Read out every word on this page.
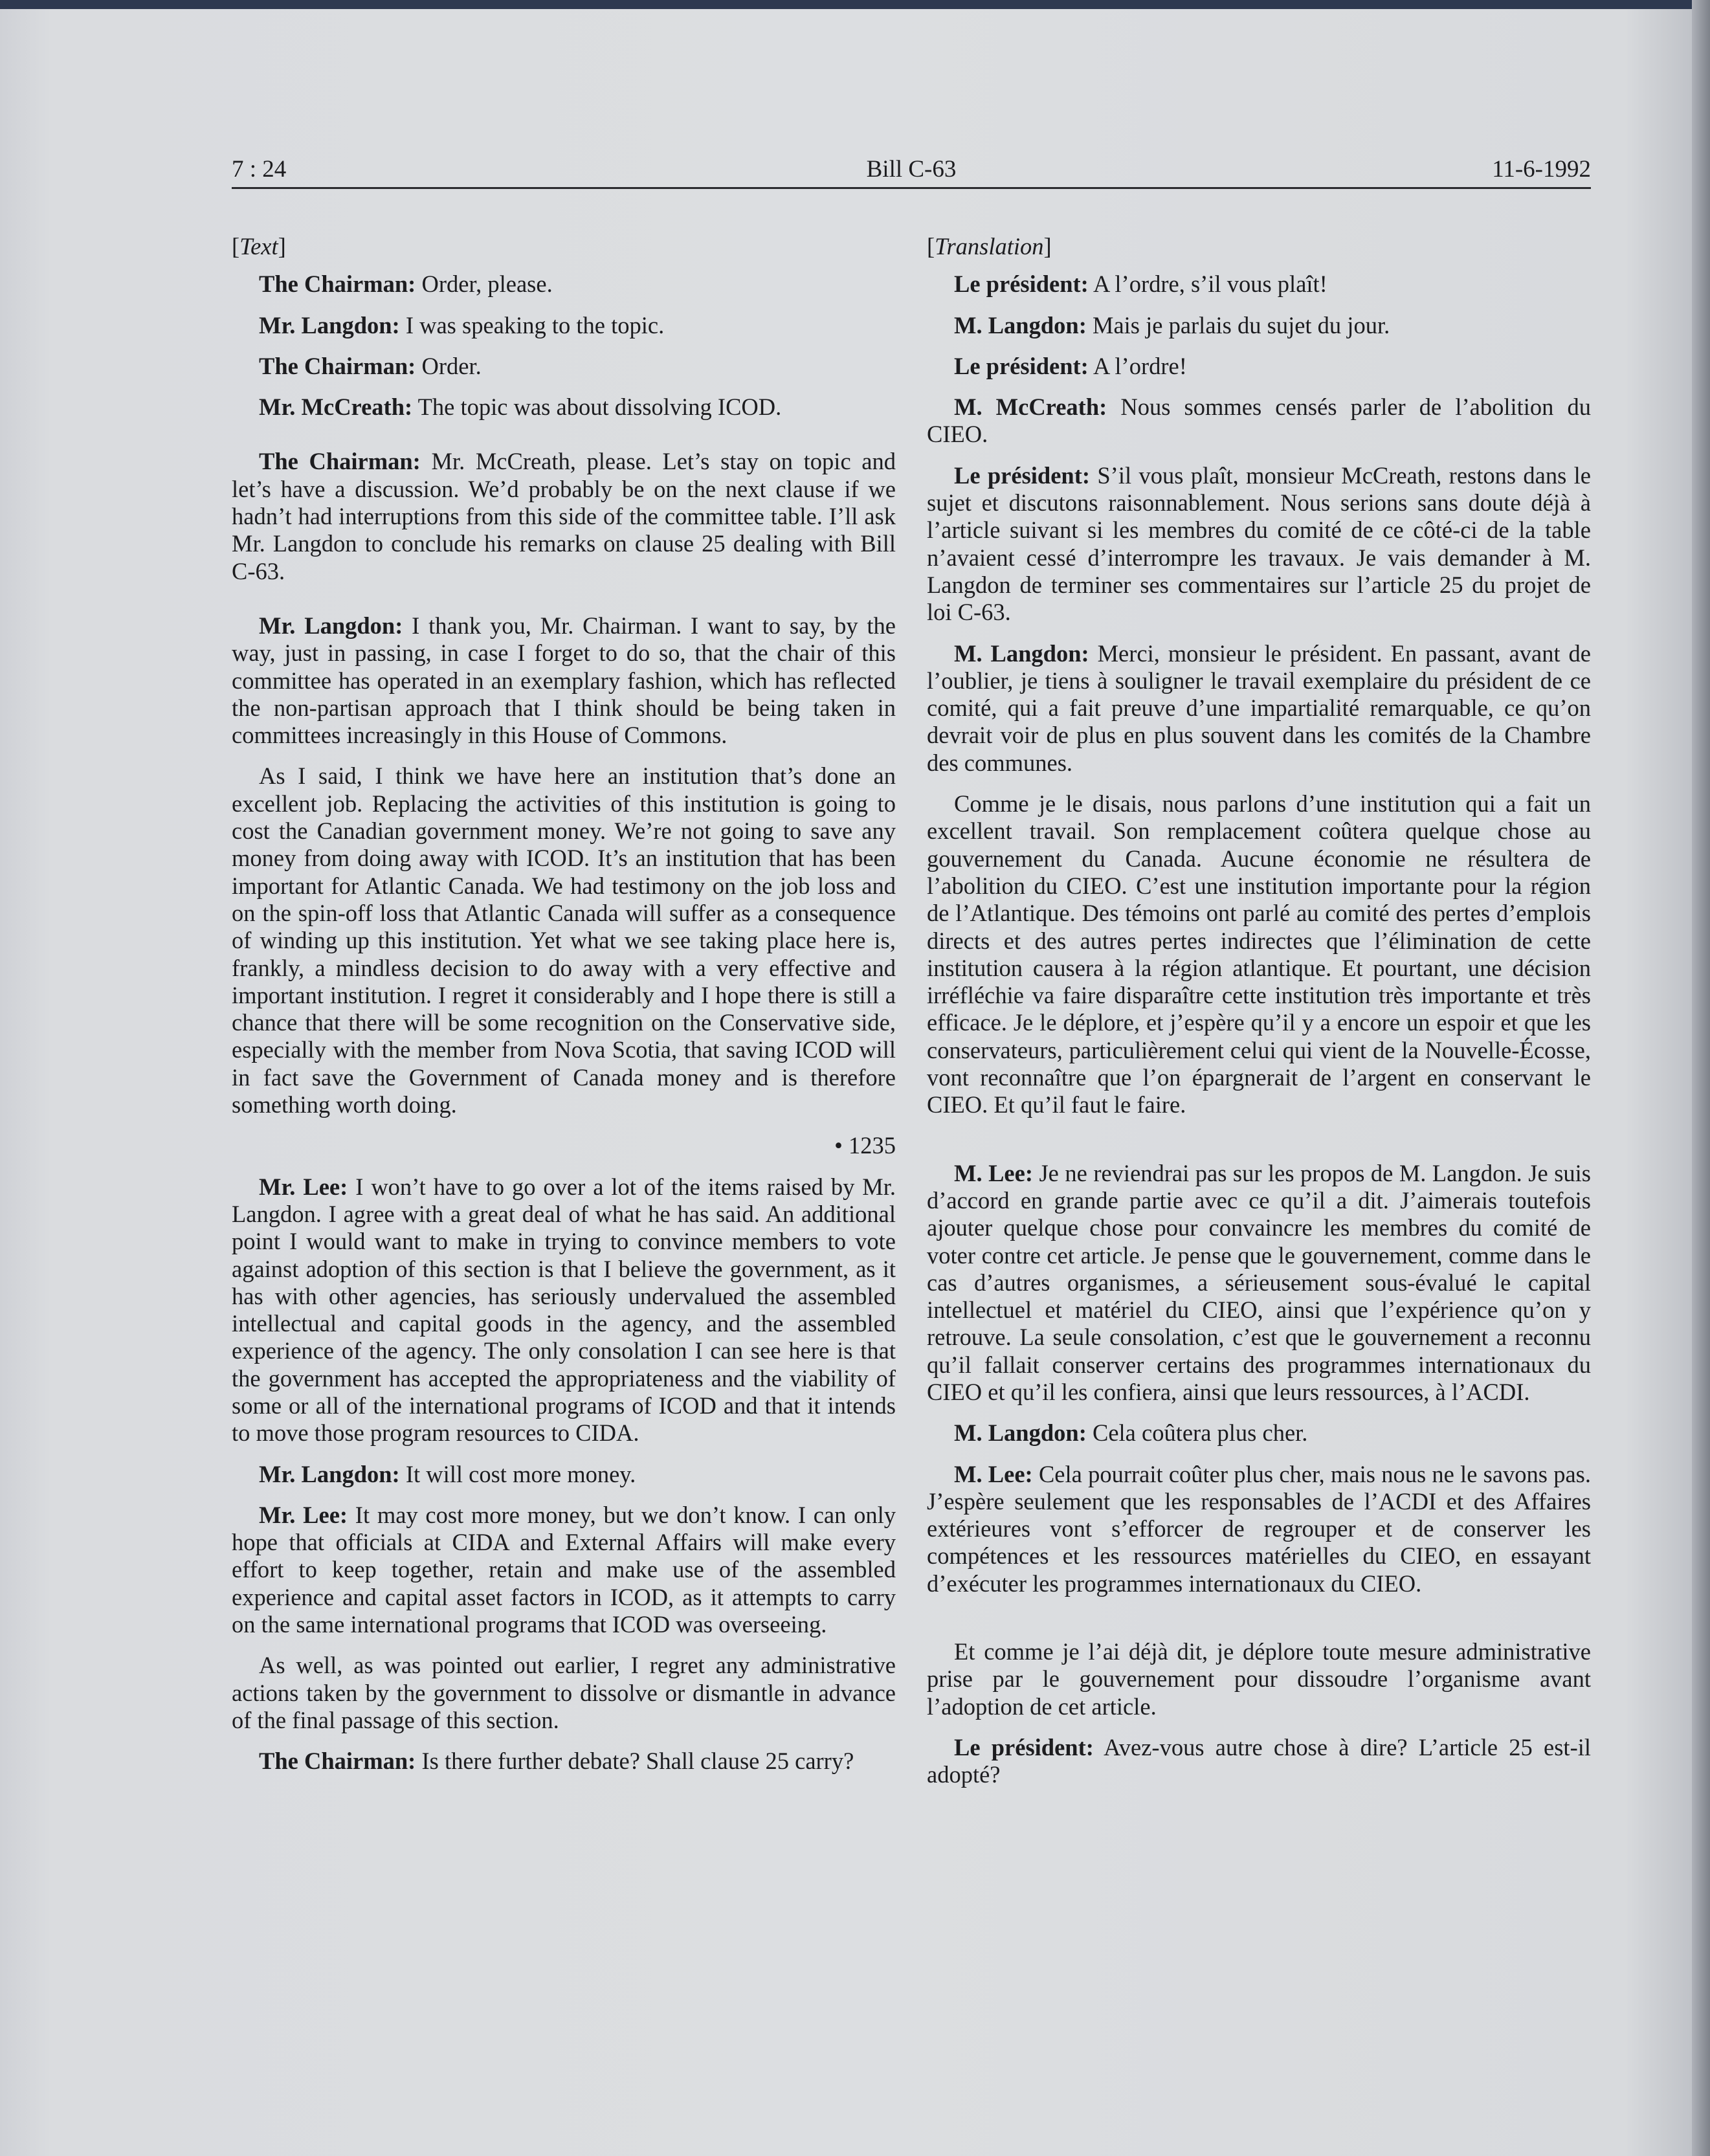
7 : 24	Bill C-63	11-6-1992

[Text]

The Chairman: Order, please.

Mr. Langdon: I was speaking to the topic.

The Chairman: Order.

Mr. McCreath: The topic was about dissolving ICOD.

The Chairman: Mr. McCreath, please. Let’s stay on topic and let’s have a discussion. We’d probably be on the next clause if we hadn’t had interruptions from this side of the committee table. I’ll ask Mr. Langdon to conclude his remarks on clause 25 dealing with Bill C-63.

Mr. Langdon: I thank you, Mr. Chairman. I want to say, by the way, just in passing, in case I forget to do so, that the chair of this committee has operated in an exemplary fashion, which has reflected the non-partisan approach that I think should be being taken in committees increasingly in this House of Commons.

As I said, I think we have here an institution that’s done an excellent job. Replacing the activities of this institution is going to cost the Canadian government money. We’re not going to save any money from doing away with ICOD. It’s an institution that has been important for Atlantic Canada. We had testimony on the job loss and on the spin-off loss that Atlantic Canada will suffer as a consequence of winding up this institution. Yet what we see taking place here is, frankly, a mindless decision to do away with a very effective and important institution. I regret it considerably and I hope there is still a chance that there will be some recognition on the Conservative side, especially with the member from Nova Scotia, that saving ICOD will in fact save the Government of Canada money and is therefore something worth doing.

• 1235

Mr. Lee: I won’t have to go over a lot of the items raised by Mr. Langdon. I agree with a great deal of what he has said. An additional point I would want to make in trying to convince members to vote against adoption of this section is that I believe the government, as it has with other agencies, has seriously undervalued the assembled intellectual and capital goods in the agency, and the assembled experience of the agency. The only consolation I can see here is that the government has accepted the appropriateness and the viability of some or all of the international programs of ICOD and that it intends to move those program resources to CIDA.

Mr. Langdon: It will cost more money.

Mr. Lee: It may cost more money, but we don’t know. I can only hope that officials at CIDA and External Affairs will make every effort to keep together, retain and make use of the assembled experience and capital asset factors in ICOD, as it attempts to carry on the same international programs that ICOD was overseeing.

As well, as was pointed out earlier, I regret any administrative actions taken by the government to dissolve or dismantle in advance of the final passage of this section.

The Chairman: Is there further debate? Shall clause 25 carry?

[Translation]

Le président: A l’ordre, s’il vous plaît!

M. Langdon: Mais je parlais du sujet du jour.

Le président: A l’ordre!

M. McCreath: Nous sommes censés parler de l’abolition du CIEO.

Le président: S’il vous plaît, monsieur McCreath, restons dans le sujet et discutons raisonnablement. Nous serions sans doute déjà à l’article suivant si les membres du comité de ce côté-ci de la table n’avaient cessé d’interrompre les travaux. Je vais demander à M. Langdon de terminer ses commentaires sur l’article 25 du projet de loi C-63.

M. Langdon: Merci, monsieur le président. En passant, avant de l’oublier, je tiens à souligner le travail exemplaire du président de ce comité, qui a fait preuve d’une impartialité remarquable, ce qu’on devrait voir de plus en plus souvent dans les comités de la Chambre des communes.

Comme je le disais, nous parlons d’une institution qui a fait un excellent travail. Son remplacement coûtera quelque chose au gouvernement du Canada. Aucune économie ne résultera de l’abolition du CIEO. C’est une institution importante pour la région de l’Atlantique. Des témoins ont parlé au comité des pertes d’emplois directs et des autres pertes indirectes que l’élimination de cette institution causera à la région atlantique. Et pourtant, une décision irréfléchie va faire disparaître cette institution très importante et très efficace. Je le déplore, et j’espère qu’il y a encore un espoir et que les conservateurs, particulièrement celui qui vient de la Nouvelle-Écosse, vont reconnaître que l’on épargnerait de l’argent en conservant le CIEO. Et qu’il faut le faire.

M. Lee: Je ne reviendrai pas sur les propos de M. Langdon. Je suis d’accord en grande partie avec ce qu’il a dit. J’aimerais toutefois ajouter quelque chose pour convaincre les membres du comité de voter contre cet article. Je pense que le gouvernement, comme dans le cas d’autres organismes, a sérieusement sous-évalué le capital intellectuel et matériel du CIEO, ainsi que l’expérience qu’on y retrouve. La seule consolation, c’est que le gouvernement a reconnu qu’il fallait conserver certains des programmes internationaux du CIEO et qu’il les confiera, ainsi que leurs ressources, à l’ACDI.

M. Langdon: Cela coûtera plus cher.

M. Lee: Cela pourrait coûter plus cher, mais nous ne le savons pas. J’espère seulement que les responsables de l’ACDI et des Affaires extérieures vont s’efforcer de regrouper et de conserver les compétences et les ressources matérielles du CIEO, en essayant d’exécuter les programmes internationaux du CIEO.

Et comme je l’ai déjà dit, je déplore toute mesure administrative prise par le gouvernement pour dissoudre l’organisme avant l’adoption de cet article.

Le président: Avez-vous autre chose à dire? L’article 25 est-il adopté?
